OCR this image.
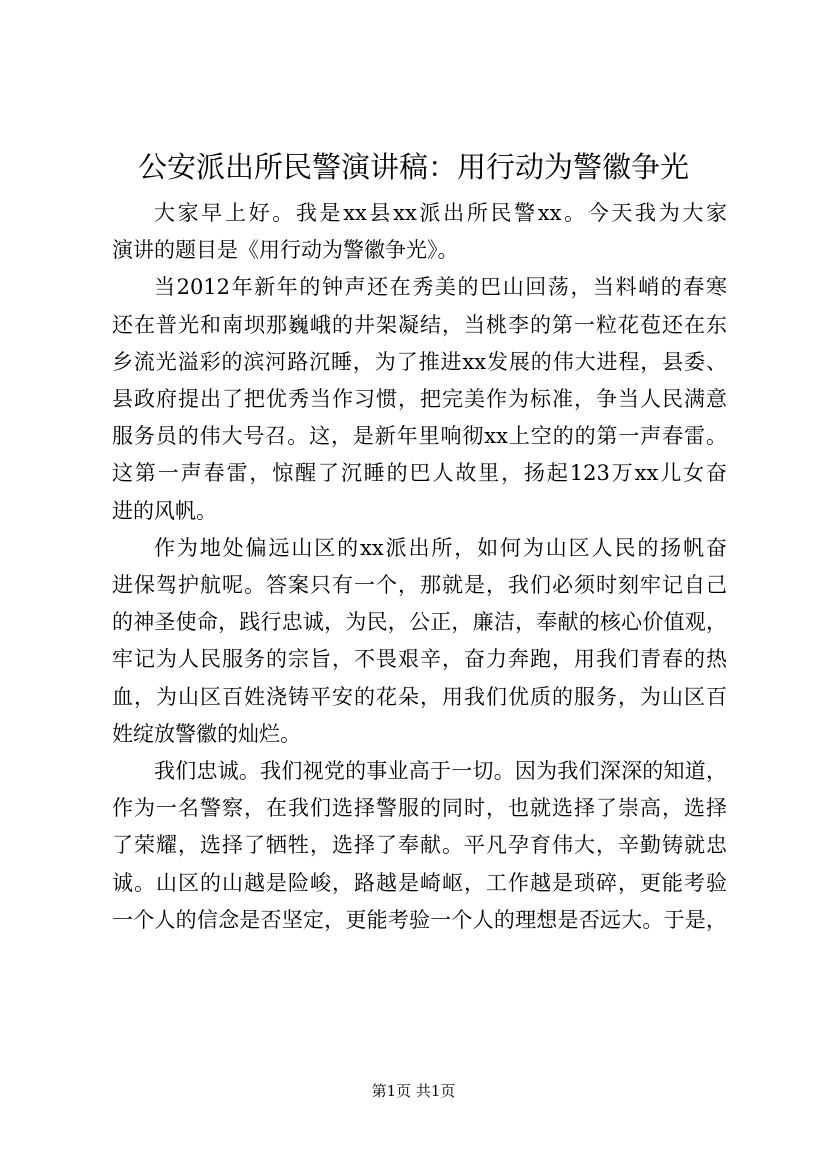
公安派出所民警演讲稿：用行动为警徽争光
大家早上好。我是xx县xx派出所民警xx。今天我为大家
演讲的题目是《用行动为警徽争光》。
当2012年新年的钟声还在秀美的巴山回荡，当料峭的春寒
还在普光和南坝那巍峨的井架凝结，当桃李的第一粒花苞还在东
乡流光溢彩的滨河路沉睡，为了推进xx发展的伟大进程，县委、
县政府提出了把优秀当作习惯，把完美作为标准，争当人民满意
服务员的伟大号召。这，是新年里响彻xx上空的的第一声春雷。
这第一声春雷，惊醒了沉睡的巴人故里，扬起123万xx儿女奋
进的风帆。
作为地处偏远山区的xx派出所，如何为山区人民的扬帆奋
进保驾护航呢。答案只有一个，那就是，我们必须时刻牢记自己
的神圣使命，践行忠诚，为民，公正，廉洁，奉献的核心价值观，
牢记为人民服务的宗旨，不畏艰辛，奋力奔跑，用我们青春的热
血，为山区百姓浇铸平安的花朵，用我们优质的服务，为山区百
姓绽放警徽的灿烂。
我们忠诚。我们视党的事业高于一切。因为我们深深的知道，
作为一名警察，在我们选择警服的同时，也就选择了崇高，选择
了荣耀，选择了牺牲，选择了奉献。平凡孕育伟大，辛勤铸就忠
诚。山区的山越是险峻，路越是崎岖，工作越是琐碎，更能考验
一个人的信念是否坚定，更能考验一个人的理想是否远大。于是，
第1页 共1页
